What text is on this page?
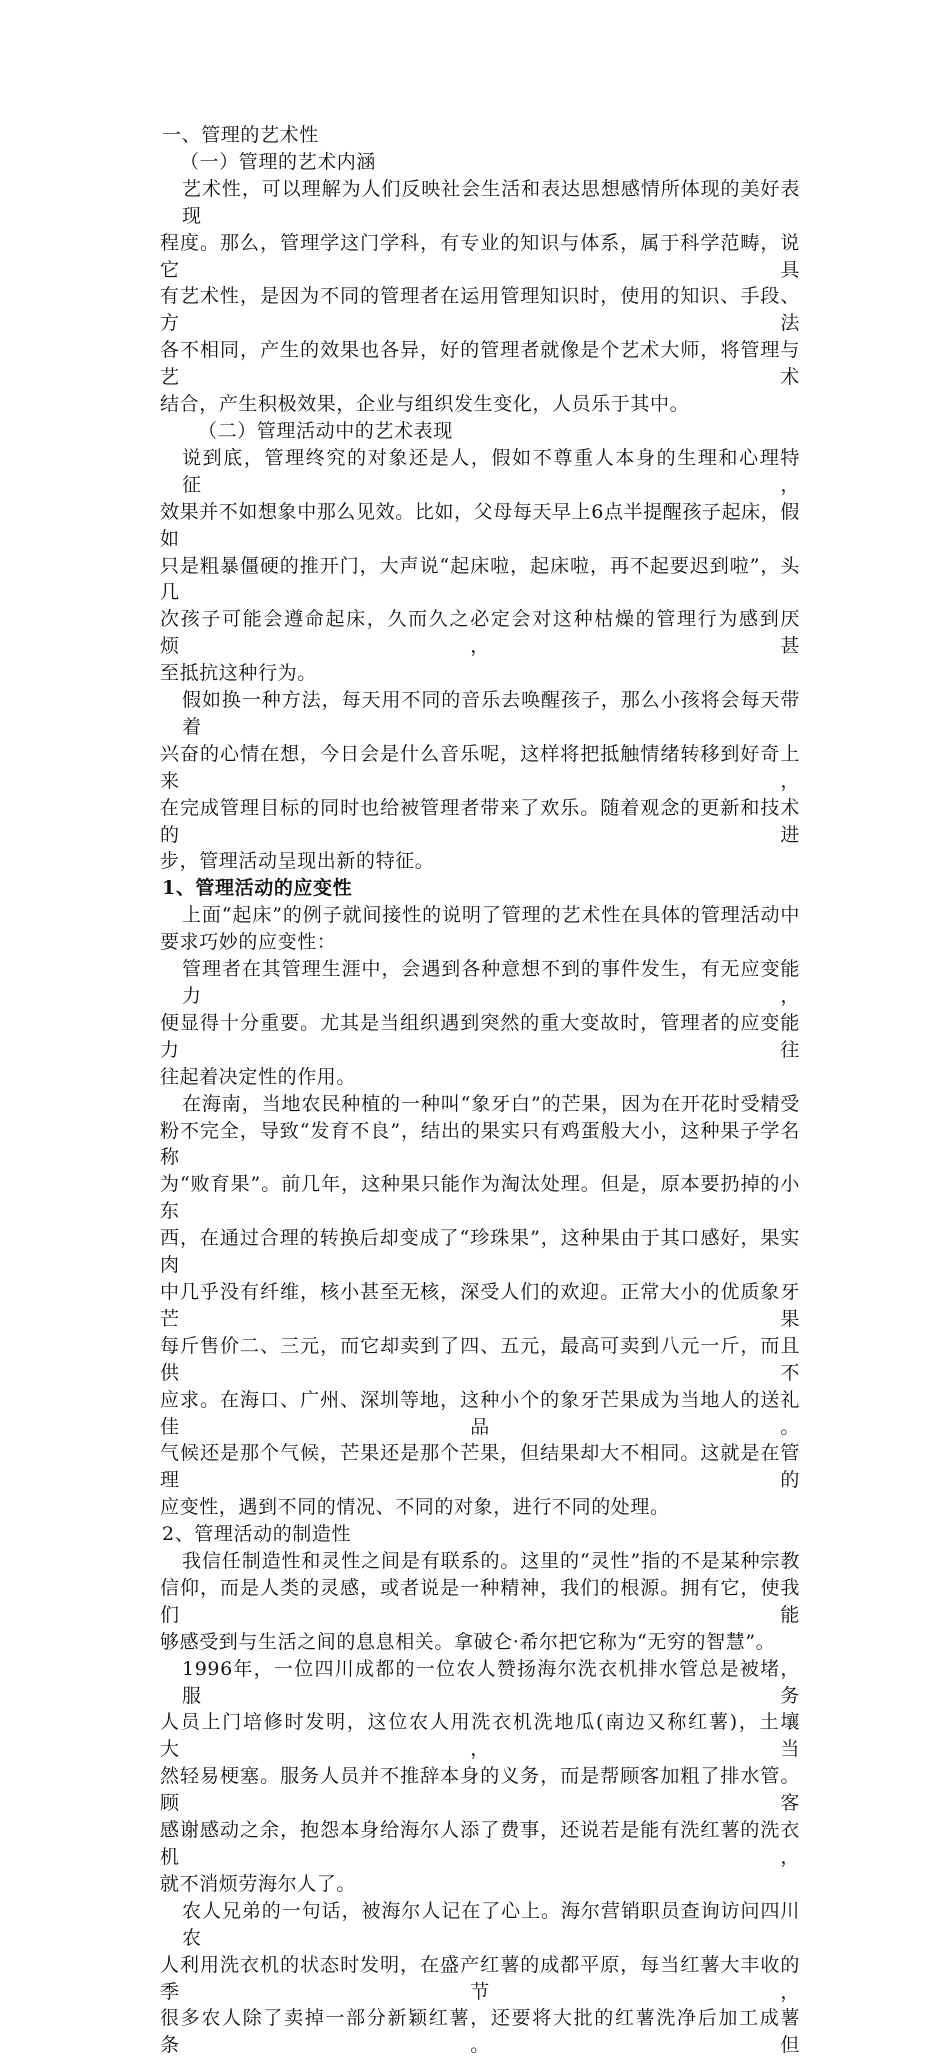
一、管理的艺术性
（一）管理的艺术内涵
艺术性，可以理解为人们反映社会生活和表达思想感情所体现的美好表现
程度。那么，管理学这门学科，有专业的知识与体系，属于科学范畴，说它具
有艺术性，是因为不同的管理者在运用管理知识时，使用的知识、手段、方法
各不相同，产生的效果也各异，好的管理者就像是个艺术大师，将管理与艺术
结合，产生积极效果，企业与组织发生变化，人员乐于其中。
（二）管理活动中的艺术表现
说到底，管理终究的对象还是人，假如不尊重人本身的生理和心理特征，
效果并不如想象中那么见效。比如，父母每天早上6点半提醒孩子起床，假如
只是粗暴僵硬的推开门，大声说“起床啦，起床啦，再不起要迟到啦”，头几
次孩子可能会遵命起床，久而久之必定会对这种枯燥的管理行为感到厌烦，甚
至抵抗这种行为。
假如换一种方法，每天用不同的音乐去唤醒孩子，那么小孩将会每天带着
兴奋的心情在想，今日会是什么音乐呢，这样将把抵触情绪转移到好奇上来，
在完成管理目标的同时也给被管理者带来了欢乐。随着观念的更新和技术的进
步，管理活动呈现出新的特征。
1、管理活动的应变性
上面“起床”的例子就间接性的说明了管理的艺术性在具体的管理活动中
要求巧妙的应变性：
管理者在其管理生涯中，会遇到各种意想不到的事件发生，有无应变能力，
便显得十分重要。尤其是当组织遇到突然的重大变故时，管理者的应变能力往
往起着决定性的作用。
在海南，当地农民种植的一种叫“象牙白”的芒果，因为在开花时受精受
粉不完全，导致“发育不良”，结出的果实只有鸡蛋般大小，这种果子学名称
为“败育果”。前几年，这种果只能作为淘汰处理。但是，原本要扔掉的小东
西，在通过合理的转换后却变成了“珍珠果”，这种果由于其口感好，果实肉
中几乎没有纤维，核小甚至无核，深受人们的欢迎。正常大小的优质象牙芒果
每斤售价二、三元，而它却卖到了四、五元，最高可卖到八元一斤，而且供不
应求。在海口、广州、深圳等地，这种小个的象牙芒果成为当地人的送礼佳品。
气候还是那个气候，芒果还是那个芒果，但结果却大不相同。这就是在管理的
应变性，遇到不同的情况、不同的对象，进行不同的处理。
2、管理活动的制造性
我信任制造性和灵性之间是有联系的。这里的“灵性”指的不是某种宗教
信仰，而是人类的灵感，或者说是一种精神，我们的根源。拥有它，使我们能
够感受到与生活之间的息息相关。拿破仑·希尔把它称为“无穷的智慧”。
1996年，一位四川成都的一位农人赞扬海尔洗衣机排水管总是被堵，服务
人员上门培修时发明，这位农人用洗衣机洗地瓜(南边又称红薯)，土壤大，当
然轻易梗塞。服务人员并不推辞本身的义务，而是帮顾客加粗了排水管。顾客
感谢感动之余，抱怨本身给海尔人添了费事，还说若是能有洗红薯的洗衣机，
就不消烦劳海尔人了。
农人兄弟的一句话，被海尔人记在了心上。海尔营销职员查询访问四川农
人利用洗衣机的状态时发明，在盛产红薯的成都平原，每当红薯大丰收的季节，
很多农人除了卖掉一部分新颖红薯，还要将大批的红薯洗净后加工成薯条。但
